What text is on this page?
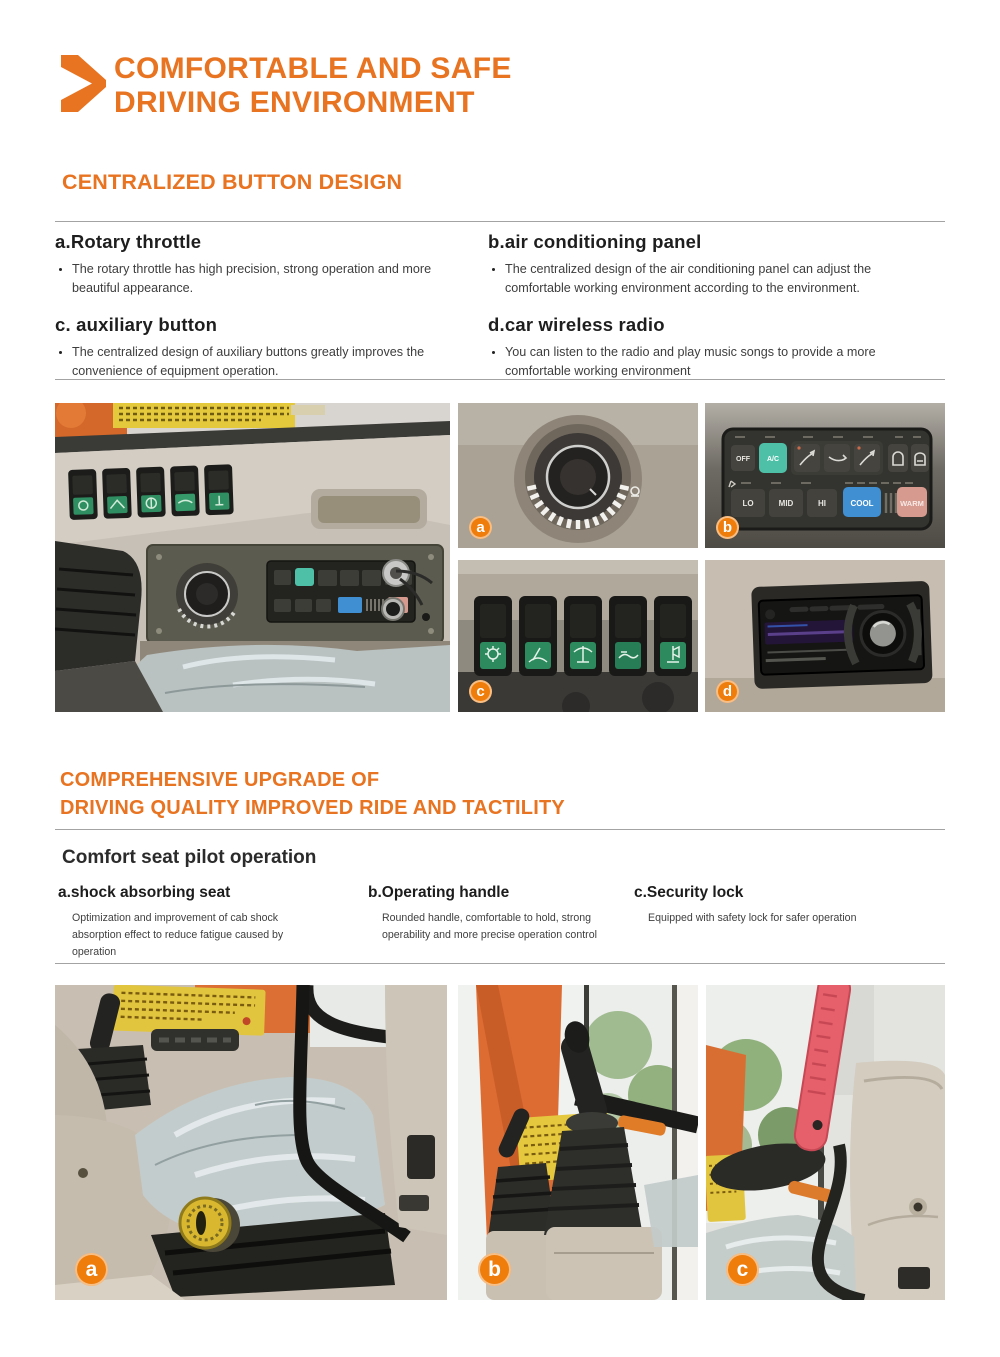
COMFORTABLE AND SAFE
DRIVING ENVIRONMENT
CENTRALIZED BUTTON DESIGN
a.Rotary throttle
• The rotary throttle has high precision, strong operation and more beautiful appearance.
b.air conditioning panel
• The centralized design of the air conditioning panel can adjust the comfortable working environment according to the environment.
c. auxiliary button
• The centralized design of auxiliary buttons greatly improves the convenience of equipment operation.
d.car wireless radio
• You can listen to the radio and play music songs to provide a more comfortable working environment
a
OFF A/C
LO	MID	HI	COOL	WARM
b
c	d
COMPREHENSIVE UPGRADE OF
DRIVING QUALITY IMPROVED RIDE AND TACTILITY
Comfort seat pilot operation
a.shock absorbing seat

Optimization and improvement of cab shock absorption effect to reduce fatigue caused by operation

b.Operating handle

Rounded handle, comfortable to hold, strong operability and more precise operation control

c.Security lock

Equipped with safety lock for safer operation

a	b	c
